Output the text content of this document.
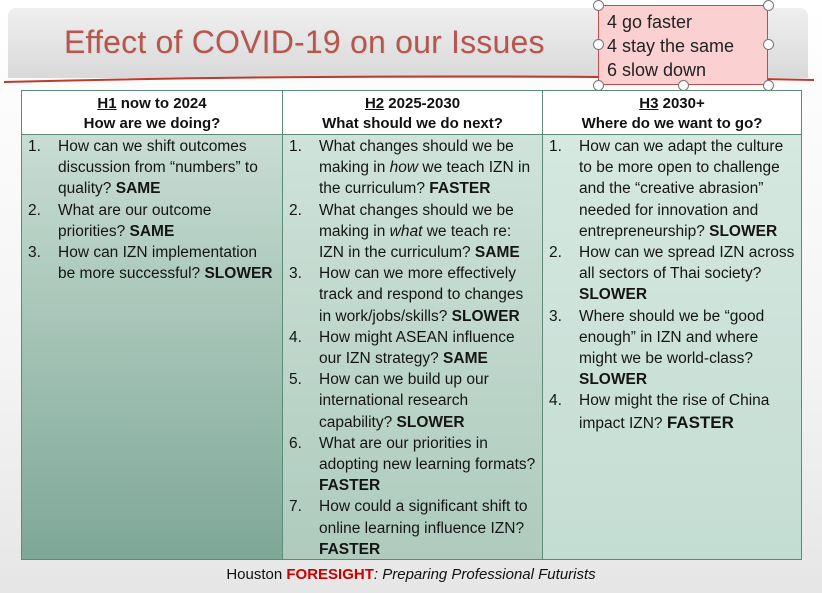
Effect of COVID-19 on our Issues
4 go faster
4 stay the same
6 slow down
H1 now to 2024
How are we doing?
1.	How can we shift outcomes discussion from “numbers” to quality? SAME
2.	What are our outcome priorities? SAME
3.	How can IZN implementation be more successful? SLOWER
H2 2025-2030
What should we do next?
1.	What changes should we be making in how we teach IZN in the curriculum? FASTER
2.	What changes should we be making in what we teach re: IZN in the curriculum? SAME
3.	How can we more effectively track and respond to changes in work/jobs/skills? SLOWER
4.	How might ASEAN influence our IZN strategy? SAME
5.	How can we build up our international research capability? SLOWER
6.	What are our priorities in adopting new learning formats? FASTER
7.	How could a significant shift to online learning influence IZN? FASTER
H3 2030+
Where do we want to go?
1.	How can we adapt the culture to be more open to challenge and the “creative abrasion” needed for innovation and entrepreneurship? SLOWER
2.	How can we spread IZN across all sectors of Thai society? SLOWER
3.	Where should we be “good enough” in IZN and where might we be world-class? SLOWER
4.	How might the rise of China impact IZN? FASTER
Houston FORESIGHT: Preparing Professional Futurists
